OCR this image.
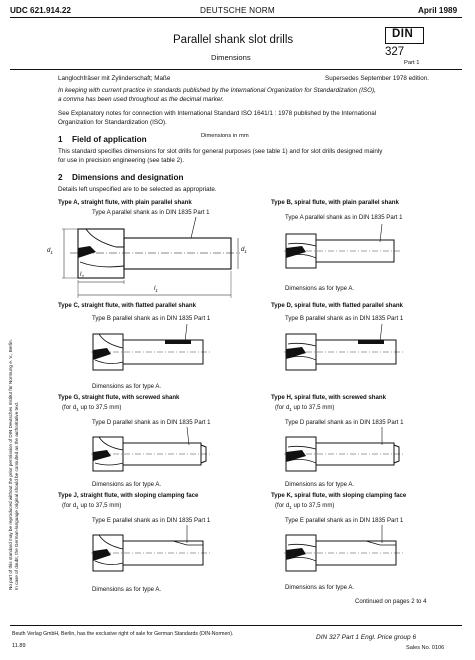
UDC 621.914.22	DEUTSCHE NORM	April 1989
Parallel shank slot drills
Dimensions
DIN
327
Part 1
Langlochfräser mit Zylinderschaft; Maße	Supersedes September 1978 edition.
In keeping with current practice in standards published by the International Organization for Standardization (ISO),
a comma has been used throughout as the decimal marker.
See Explanatory notes for connection with International Standard ISO 1641/1 : 1978 published by the International
Organization for Standardization (ISO).
1 Field of application	Dimensions in mm
This standard specifies dimensions for slot drills for general purposes (see table 1) and for slot drills designed mainly
for use in precision engineering (see table 2).
2 Dimensions and designation
Details left unspecified are to be selected as appropriate.
Type A, straight flute, with plain parallel shank
Type A parallel shank as in DIN 1835 Part 1
$d_1$	$d_1$
$l_2$
$l_1$
Type B, spiral flute, with plain parallel shank
Type A parallel shank as in DIN 1835 Part 1
Dimensions as for type A.
Type C, straight flute, with flatted parallel shank
Type B parallel shank as in DIN 1835 Part 1
Dimensions as for type A.
Type D, spiral flute, with flatted parallel shank
Type B parallel shank as in DIN 1835 Part 1
Type G, straight flute, with screwed shank
(for $d_1$ up to 37,5 mm)
Type D parallel shank as in DIN 1835 Part 1
Dimensions as for type A.
Type H, spiral flute, with screwed shank
(for $d_1$ up to 37,5 mm)
Type D parallel shank as in DIN 1835 Part 1
Dimensions as for type A.
Type J, straight flute, with sloping clamping face
(for $d_1$ up to 37,5 mm)
Type E parallel shank as in DIN 1835 Part 1
Dimensions as for type A.
Type K, spiral flute, with sloping clamping face
(for $d_1$ up to 37,5 mm)
Type E parallel shank as in DIN 1835 Part 1
Dimensions as for type A.
Continued on pages 2 to 4
No part of this standard may be reproduced without the prior permission of DIN Deutsches Institut für Normung e. V., Berlin.
In case of doubt, the German-language original should be consulted as the authoritative text.
Beuth Verlag GmbH, Berlin, has the exclusive right of sale for German Standards (DIN-Normen).
11.89
DIN 327 Part 1 Engl. Price group 6
Sales No. 0106
